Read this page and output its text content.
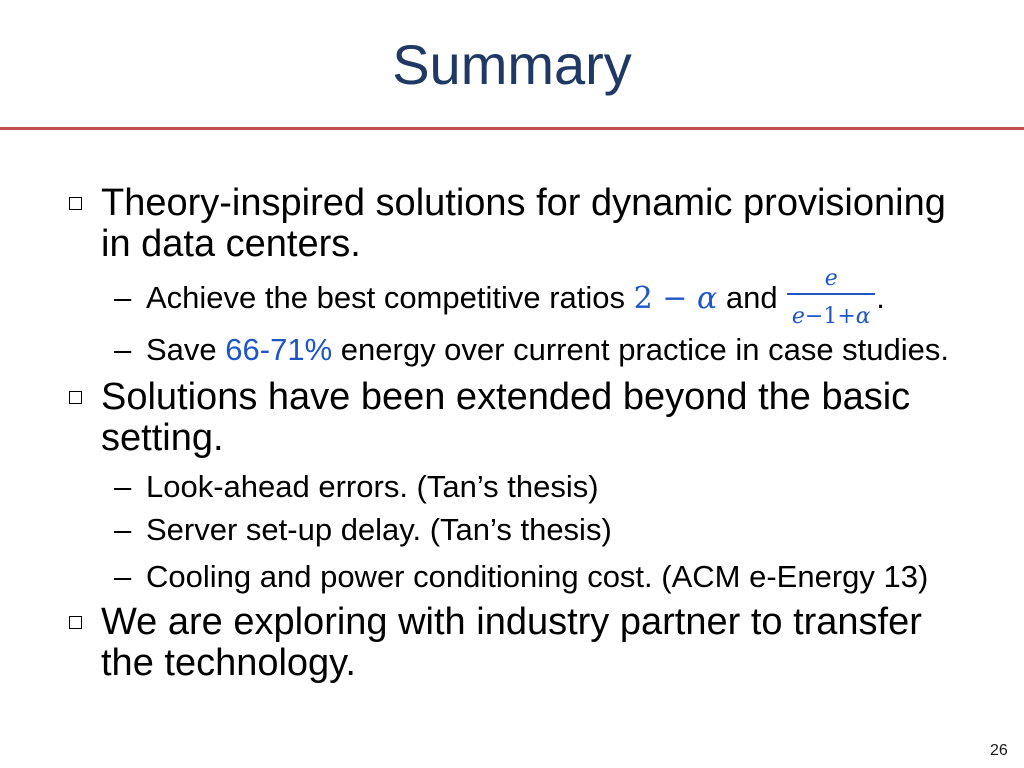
Summary
Theory-inspired solutions for dynamic provisioning in data centers.
– Achieve the best competitive ratios 2 − α and $\frac{e}{e-1+\alpha}$ .
– Save 66-71% energy over current practice in case studies.
Solutions have been extended beyond the basic setting.
– Look-ahead errors. (Tan’s thesis)
– Server set-up delay. (Tan’s thesis)
– Cooling and power conditioning cost. (ACM e-Energy 13)
We are exploring with industry partner to transfer the technology.
26
